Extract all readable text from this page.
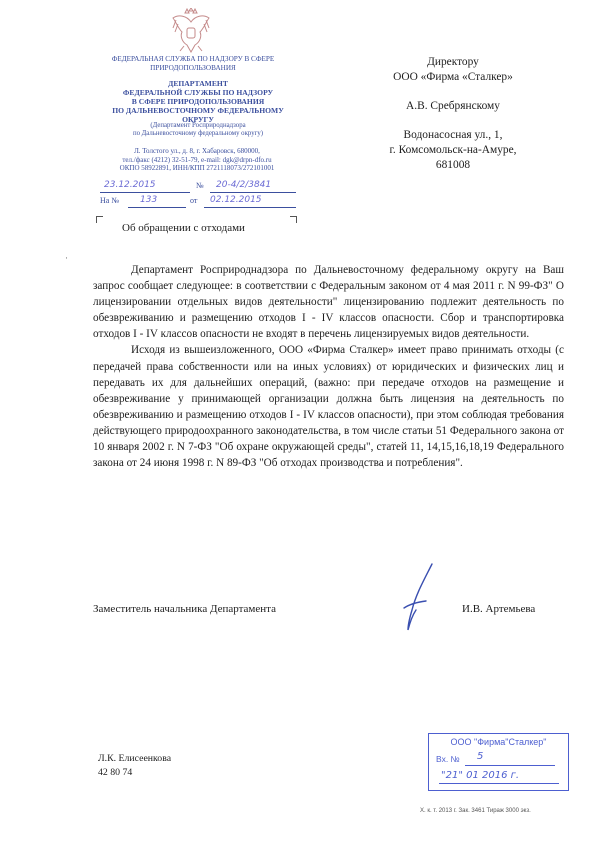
ФЕДЕРАЛЬНАЯ СЛУЖБА ПО НАДЗОРУ В СФЕРЕ
ПРИРОДОПОЛЬЗОВАНИЯ
ДЕПАРТАМЕНТ
ФЕДЕРАЛЬНОЙ СЛУЖБЫ ПО НАДЗОРУ
В СФЕРЕ ПРИРОДОПОЛЬЗОВАНИЯ
ПО ДАЛЬНЕВОСТОЧНОМУ ФЕДЕРАЛЬНОМУ
ОКРУГУ
(Департамент Росприроднадзора
по Дальневосточному федеральному округу)
Л. Толстого ул., д. 8, г. Хабаровск, 680000,
тел./факс (4212) 32-51-79, e-mail: dgk@drpn-dfo.ru
ОКПО 58922891, ИНН/КПП 2721118073/272101001
23.12.2015	№ 20-4/2/3841
На № 133	от 02.12.2015
Об обращении с отходами
Директору
ООО «Фирма «Сталкер»
А.В. Сребрянскому
Водонасосная ул., 1,
г. Комсомольск-на-Амуре,
681008
·

Департамент Росприроднадзора по Дальневосточному федеральному округу на Ваш запрос сообщает следующее: в соответствии с Федеральным законом от 4 мая 2011 г. N 99-ФЗ" О лицензировании отдельных видов деятельности" лицензированию подлежит деятельность по обезвреживанию и размещению отходов I - IV классов опасности. Сбор и транспортировка отходов I - IV классов опасности не входят в перечень лицензируемых видов деятельности.

Исходя из вышеизложенного, ООО «Фирма Сталкер» имеет право принимать отходы (с передачей права собственности или на иных условиях) от юридических и физических лиц и передавать их для дальнейших операций, (важно: при передаче отходов на размещение и обезвреживание у принимающей организации должна быть лицензия на деятельность по обезвреживанию и размещению отходов I - IV классов опасности), при этом соблюдая требования действующего природоохранного законодательства, в том числе статьи 51 Федерального закона от 10 января 2002 г. N 7-ФЗ "Об охране окружающей среды", статей 11, 14,15,16,18,19 Федерального закона от 24 июня 1998 г. N 89-ФЗ "Об отходах производства и потребления".

Заместитель начальника Департамента	И.В. Артемьева
Л.К. Елисеенкова
42 80 74
ООО "Фирма"Сталкер"
Вх. № 5
"21" 01 2016 г.
Х. к. т. 2013 г. Зак. 3461 Тираж 3000 экз.
